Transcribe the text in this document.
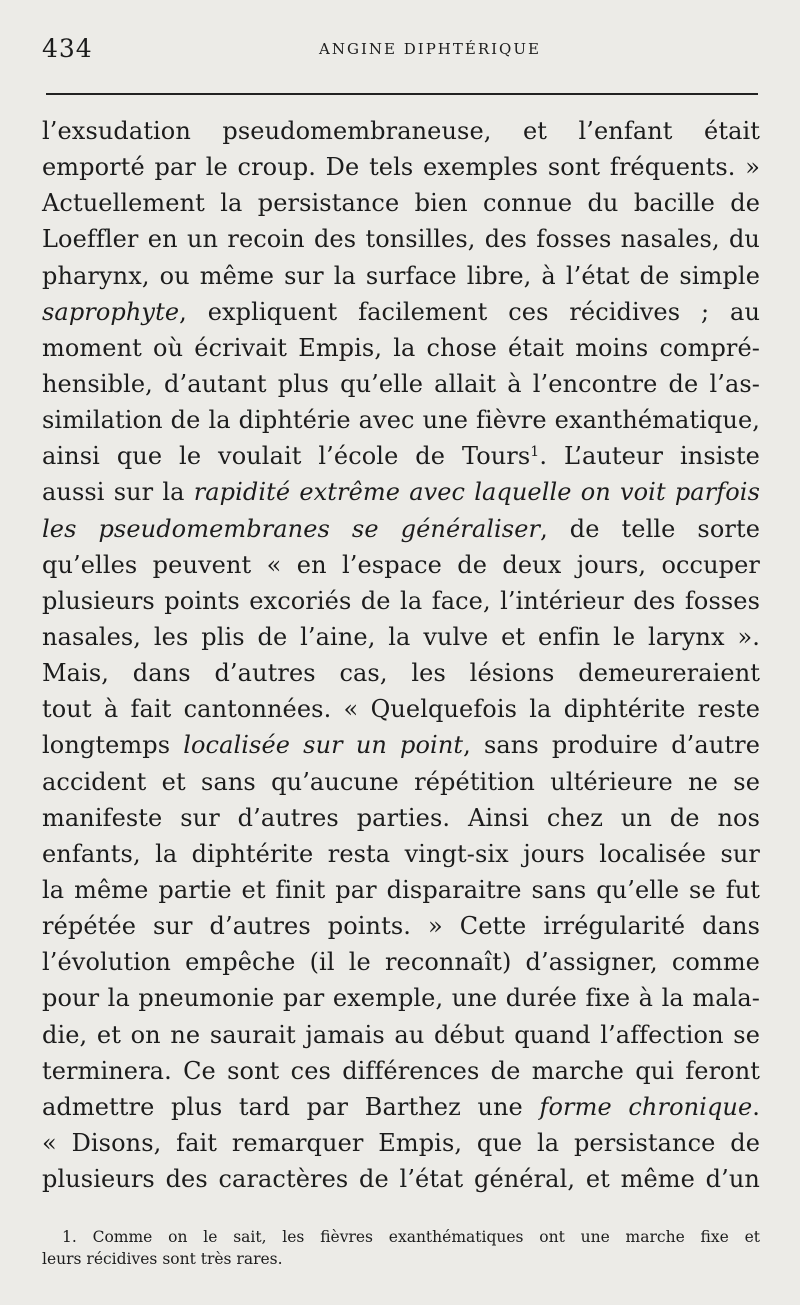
434	ANGINE DIPHTÉRIQUE
l’exsudation pseudomembraneuse, et l’enfant était
emporté par le croup. De tels exemples sont fréquents. »
Actuellement la persistance bien connue du bacille de
Loeffler en un recoin des tonsilles, des fosses nasales, du
pharynx, ou même sur la surface libre, à l’état de simple
saprophyte, expliquent facilement ces récidives ; au
moment où écrivait Empis, la chose était moins compré-
hensible, d’autant plus qu’elle allait à l’encontre de l’as-
similation de la diphtérie avec une fièvre exanthématique,
ainsi que le voulait l’école de Tours$^1$. L’auteur insiste
aussi sur la rapidité extrême avec laquelle on voit parfois
les pseudomembranes se généraliser, de telle sorte
qu’elles peuvent « en l’espace de deux jours, occuper
plusieurs points excoriés de la face, l’intérieur des fosses
nasales, les plis de l’aine, la vulve et enfin le larynx ».
Mais, dans d’autres cas, les lésions demeureraient
tout à fait cantonnées. « Quelquefois la diphtérite reste
longtemps localisée sur un point, sans produire d’autre
accident et sans qu’aucune répétition ultérieure ne se
manifeste sur d’autres parties. Ainsi chez un de nos
enfants, la diphtérite resta vingt-six jours localisée sur
la même partie et finit par disparaitre sans qu’elle se fut
répétée sur d’autres points. » Cette irrégularité dans
l’évolution empêche (il le reconnaît) d’assigner, comme
pour la pneumonie par exemple, une durée fixe à la mala-
die, et on ne saurait jamais au début quand l’affection se
terminera. Ce sont ces différences de marche qui feront
admettre plus tard par Barthez une forme chronique.
« Disons, fait remarquer Empis, que la persistance de
plusieurs des caractères de l’état général, et même d’un
1. Comme on le sait, les fièvres exanthématiques ont une marche fixe et
leurs récidives sont très rares.
